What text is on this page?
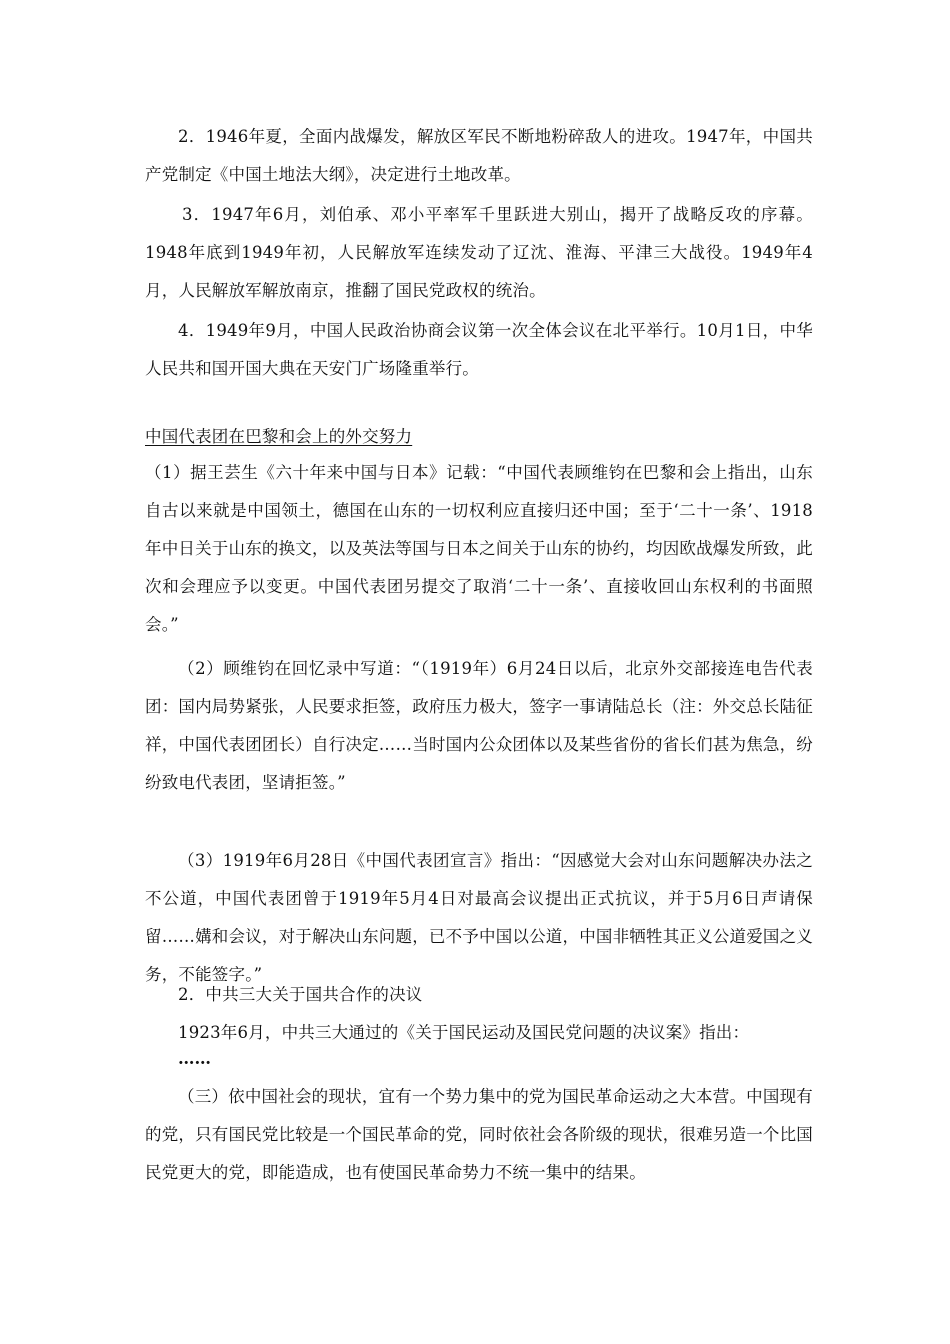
2．1946年夏，全面内战爆发，解放区军民不断地粉碎敌人的进攻。1947年，中国共产党制定《中国土地法大纲》，决定进行土地改革。

3．1947年6月，刘伯承、邓小平率军千里跃进大别山，揭开了战略反攻的序幕。1948年底到1949年初，人民解放军连续发动了辽沈、淮海、平津三大战役。1949年4月，人民解放军解放南京，推翻了国民党政权的统治。

4．1949年9月，中国人民政治协商会议第一次全体会议在北平举行。10月1日，中华人民共和国开国大典在天安门广场隆重举行。

中国代表团在巴黎和会上的外交努力

（1）据王芸生《六十年来中国与日本》记载：“中国代表顾维钧在巴黎和会上指出，山东自古以来就是中国领土，德国在山东的一切权利应直接归还中国；至于‘二十一条’、1918年中日关于山东的换文，以及英法等国与日本之间关于山东的协约，均因欧战爆发所致，此次和会理应予以变更。中国代表团另提交了取消‘二十一条’、直接收回山东权利的书面照会。”

（2）顾维钧在回忆录中写道：“（1919年）6月24日以后，北京外交部接连电告代表团：国内局势紧张，人民要求拒签，政府压力极大，签字一事请陆总长（注：外交总长陆征祥，中国代表团团长）自行决定……当时国内公众团体以及某些省份的省长们甚为焦急，纷纷致电代表团，坚请拒签。”

（3）1919年6月28日《中国代表团宣言》指出：“因感觉大会对山东问题解决办法之不公道，中国代表团曾于1919年5月4日对最高会议提出正式抗议，并于5月6日声请保留……媾和会议，对于解决山东问题，已不予中国以公道，中国非牺牲其正义公道爱国之义务，不能签字。”

2．中共三大关于国共合作的决议

1923年6月，中共三大通过的《关于国民运动及国民党问题的决议案》指出：

……

（三）依中国社会的现状，宜有一个势力集中的党为国民革命运动之大本营。中国现有的党，只有国民党比较是一个国民革命的党，同时依社会各阶级的现状，很难另造一个比国民党更大的党，即能造成，也有使国民革命势力不统一集中的结果。
